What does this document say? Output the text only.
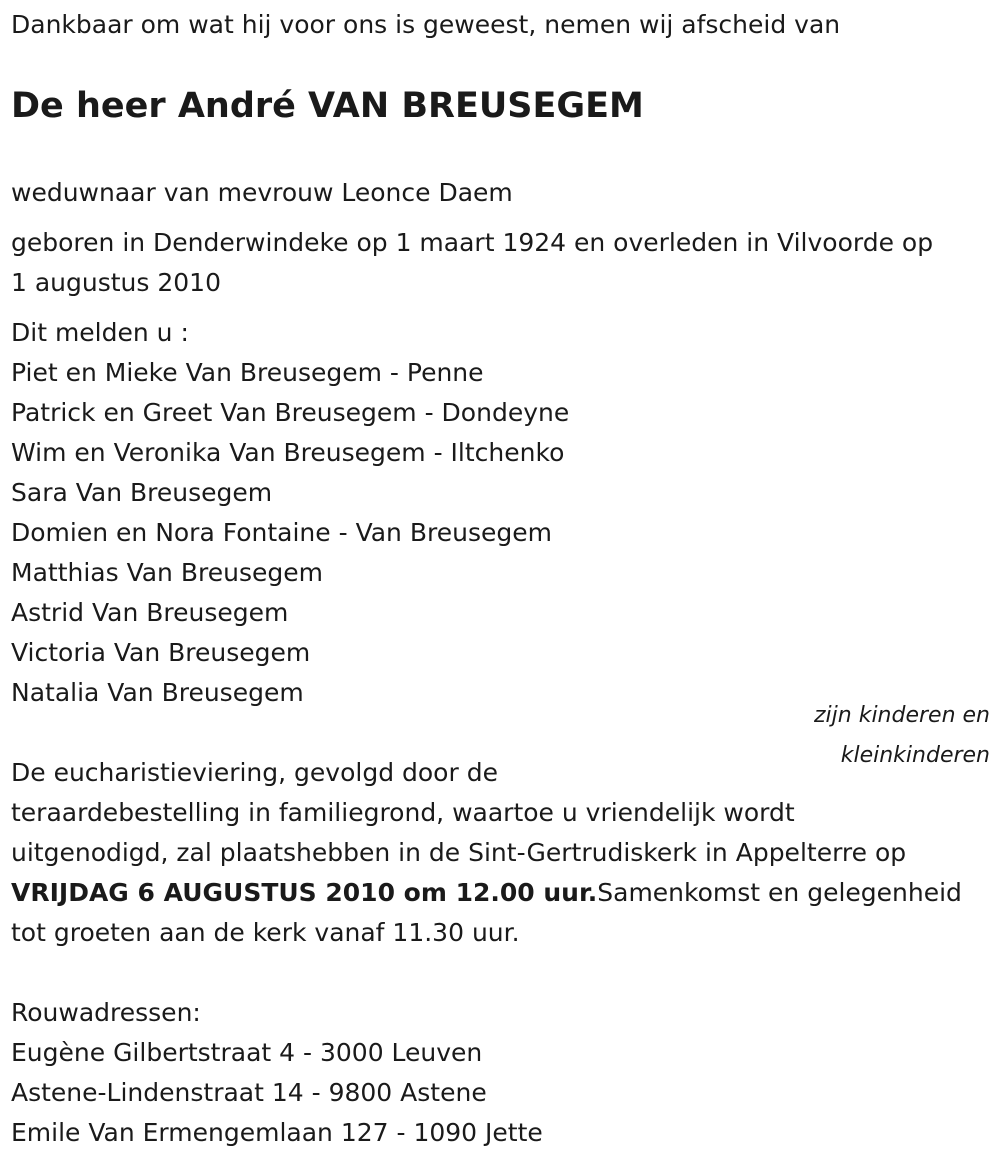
Dankbaar om wat hij voor ons is geweest, nemen wij afscheid van
De heer André VAN BREUSEGEM
weduwnaar van mevrouw Leonce Daem
geboren in Denderwindeke op 1 maart 1924 en overleden in Vilvoorde op
1 augustus 2010
Dit melden u :
Piet en Mieke Van Breusegem - Penne
Patrick en Greet Van Breusegem - Dondeyne
Wim en Veronika Van Breusegem - Iltchenko
Sara Van Breusegem
Domien en Nora Fontaine - Van Breusegem
Matthias Van Breusegem
Astrid Van Breusegem
Victoria Van Breusegem
Natalia Van Breusegem
zijn kinderen en
kleinkinderen
De eucharistieviering, gevolgd door de
teraardebestelling in familiegrond, waartoe u vriendelijk wordt
uitgenodigd, zal plaatshebben in de Sint-Gertrudiskerk in Appelterre op
VRIJDAG 6 AUGUSTUS 2010 om 12.00 uur.Samenkomst en gelegenheid
tot groeten aan de kerk vanaf 11.30 uur.
Rouwadressen:
Eugène Gilbertstraat 4 - 3000 Leuven
Astene-Lindenstraat 14 - 9800 Astene
Emile Van Ermengemlaan 127 - 1090 Jette
